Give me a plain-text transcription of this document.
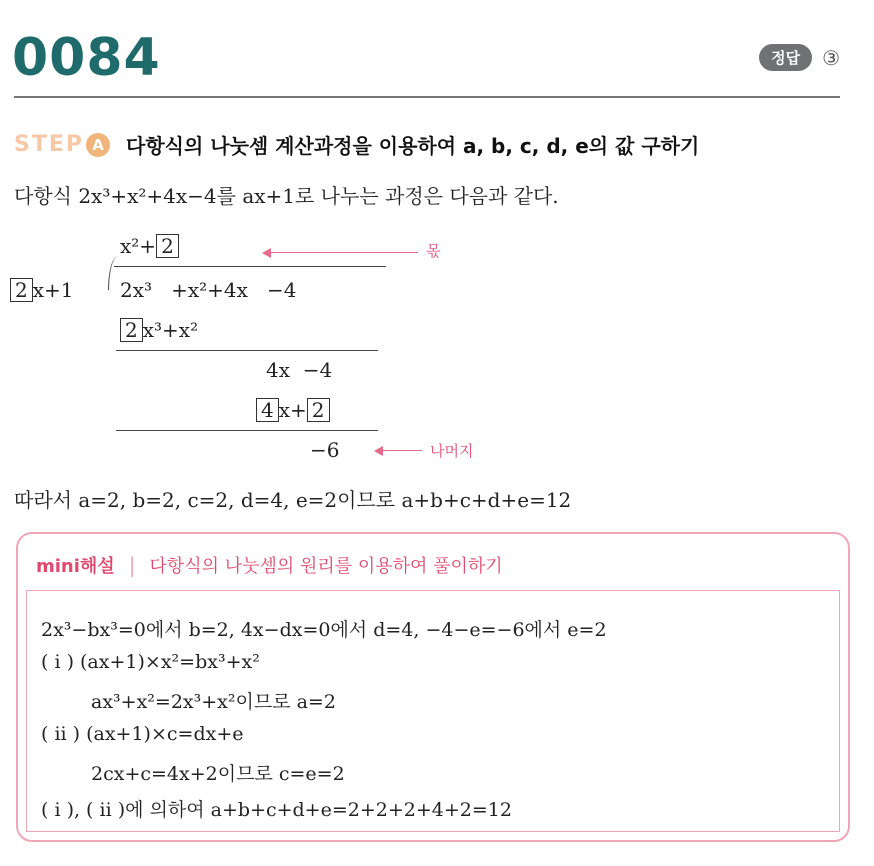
0084	정답	③
STEP A	다항식의 나눗셈 계산과정을 이용하여 a, b, c, d, e의 값 구하기
다항식 2x³+x²+4x−4를 ax+1로 나누는 과정은 다음과 같다.
x²+ 2	몫
2 x+1 2x³   +x²+4x   −4
2 x³+x²
4x  −4
4 x+ 2
−6	나머지
따라서 a=2, b=2, c=2, d=4, e=2이므로 a+b+c+d+e=12
mini해설 | 다항식의 나눗셈의 원리를 이용하여 풀이하기
2x³−bx³=0에서 b=2, 4x−dx=0에서 d=4, −4−e=−6에서 e=2
( i ) (ax+1)×x²=bx³+x²
ax³+x²=2x³+x²이므로 a=2
( ii ) (ax+1)×c=dx+e
2cx+c=4x+2이므로 c=e=2
( i ), ( ii )에 의하여 a+b+c+d+e=2+2+2+4+2=12
